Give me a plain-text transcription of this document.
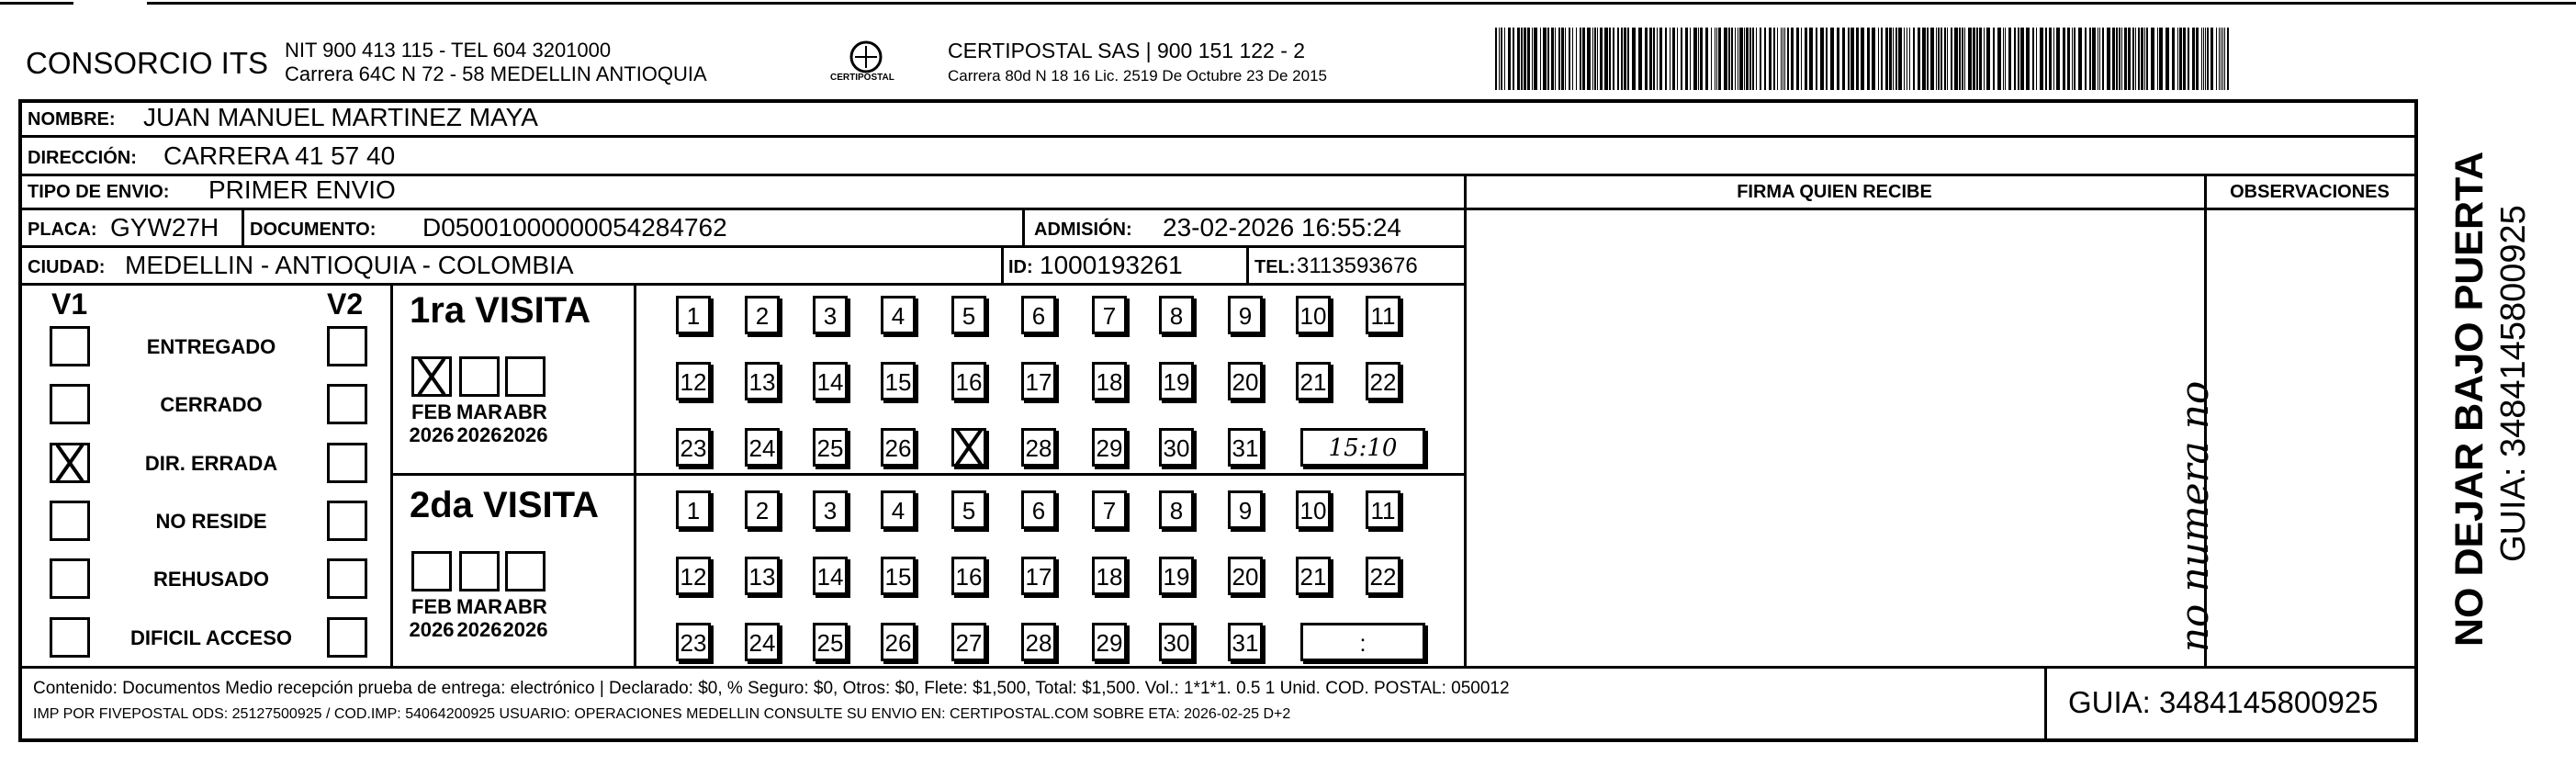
CONSORCIO ITS NIT 900 413 115 - TEL 604 3201000
Carrera 64C N 72 - 58 MEDELLIN ANTIOQUIA	CERTIPOSTAL
CERTIPOSTAL SAS | 900 151 122 - 2
Carrera 80d N 18 16 Lic. 2519 De Octubre 23 De 2015
NOMBRE: JUAN MANUEL MARTINEZ MAYA
DIRECCIÓN: CARRERA 41 57 40
TIPO DE ENVIO: PRIMER ENVIO
PLACA: GYW27H DOCUMENTO: D05001000000054284762	ADMISIÓN: 23-02-2026 16:55:24
CIUDAD: MEDELLIN - ANTIOQUIA - COLOMBIA	ID: 1000193261	TEL: 3113593676
FIRMA QUIEN RECIBE	OBSERVACIONES
no numera no
V1	V2
ENTREGADO
CERRADO
DIR. ERRADA
NO RESIDE
REHUSADO
DIFICIL ACCESO
1ra VISITA
2da VISITA
FEB
2026
MAR
2026
ABR
2026
1	2	3	4	5	6	7	8	9	10 11
12 13 14 15 16 17 18 19 20 21 22
23 24 25 26	28 29 30 31	15:10
FEB
2026
MAR
2026
ABR
2026
1	2	3	4	5	6	7	8	9	10 11
12 13 14 15 16 17 18 19 20 21 22
23 24 25 26 27 28 29 30 31	:
Contenido: Documentos Medio recepción prueba de entrega: electrónico | Declarado: $0, % Seguro: $0, Otros: $0, Flete: $1,500, Total: $1,500. Vol.: 1*1*1. 0.5 1 Unid. COD. POSTAL: 050012
IMP POR FIVEPOSTAL ODS: 25127500925 / COD.IMP: 54064200925 USUARIO: OPERACIONES MEDELLIN CONSULTE SU ENVIO EN: CERTIPOSTAL.COM SOBRE ETA: 2026-02-25 D+2	GUIA: 3484145800925
NO DEJAR BAJO PUERTA GUIA: 3484145800925
